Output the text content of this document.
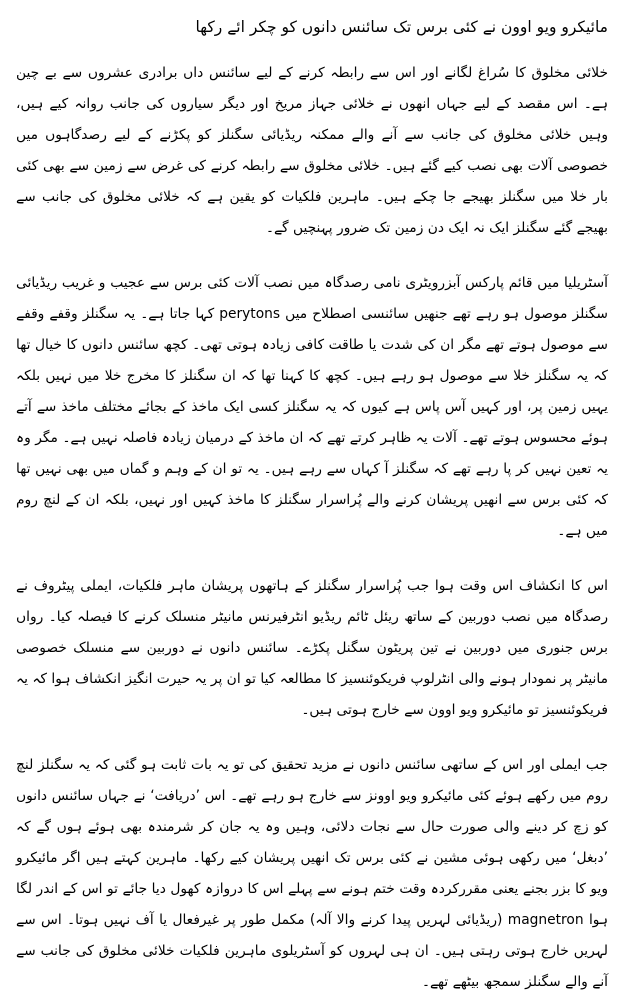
مائیکرو ویو اوون نے کئی برس تک سائنس دانوں کو چکر ائے رکھا

خلائی مخلوق کا سُراغ لگانے اور اس سے رابطہ کرنے کے لیے سائنس داں برادری عشروں سے بے چین ہے۔ اس مقصد کے لیے جہاں انھوں نے خلائی جہاز مریخ اور دیگر سیاروں کی جانب روانہ کیے ہیں، وہیں خلائی مخلوق کی جانب سے آنے والے ممکنہ ریڈیائی سگنلز کو پکڑنے کے لیے رصدگاہوں میں خصوصی آلات بھی نصب کیے گئے ہیں۔ خلائی مخلوق سے رابطہ کرنے کی غرض سے زمین سے بھی کئی بار خلا میں سگنلز بھیجے جا چکے ہیں۔ ماہرین فلکیات کو یقین ہے کہ خلائی مخلوق کی جانب سے بھیجے گئے سگنلز ایک نہ ایک دن زمین تک ضرور پہنچیں گے۔

آسٹریلیا میں قائم پارکس آبزرویٹری نامی رصدگاہ میں نصب آلات کئی برس سے عجیب و غریب ریڈیائی سگنلز موصول ہو رہے تھے جنھیں سائنسی اصطلاح میں perytons کہا جاتا ہے۔ یہ سگنلز وقفے وقفے سے موصول ہوتے تھے مگر ان کی شدت یا طاقت کافی زیادہ ہوتی تھی۔ کچھ سائنس دانوں کا خیال تھا کہ یہ سگنلز خلا سے موصول ہو رہے ہیں۔ کچھ کا کہنا تھا کہ ان سگنلز کا مخرج خلا میں نہیں بلکہ یہیں زمین پر، اور کہیں آس پاس ہے کیوں کہ یہ سگنلز کسی ایک ماخذ کے بجائے مختلف ماخذ سے آتے ہوئے محسوس ہوتے تھے۔ آلات یہ ظاہر کرتے تھے کہ ان ماخذ کے درمیان زیادہ فاصلہ نہیں ہے۔ مگر وہ یہ تعین نہیں کر پا رہے تھے کہ سگنلز آ کہاں سے رہے ہیں۔ یہ تو ان کے وہم و گماں میں بھی نہیں تھا کہ کئی برس سے انھیں پریشان کرنے والے پُراسرار سگنلز کا ماخذ کہیں اور نہیں، بلکہ ان کے لنچ روم میں ہے۔

اس کا انکشاف اس وقت ہوا جب پُراسرار سگنلز کے ہاتھوں پریشان ماہر فلکیات، ایملی پیٹروف نے رصدگاہ میں نصب دوربین کے ساتھ ریئل ٹائم ریڈیو انٹرفیرنس مانیٹر منسلک کرنے کا فیصلہ کیا۔ رواں برس جنوری میں دوربین نے تین پریٹون سگنل پکڑے۔ سائنس دانوں نے دوربین سے منسلک خصوصی مانیٹر پر نمودار ہونے والی انٹرلوپ فریکوئنسیز کا مطالعہ کیا تو ان پر یہ حیرت انگیز انکشاف ہوا کہ یہ فریکوئنسیز تو مائیکرو ویو اوون سے خارج ہوتی ہیں۔

جب ایملی اور اس کے ساتھی سائنس دانوں نے مزید تحقیق کی تو یہ بات ثابت ہو گئی کہ یہ سگنلز لنچ روم میں رکھے ہوئے کئی مائیکرو ویو اوونز سے خارج ہو رہے تھے۔ اس ’دریافت‘ نے جہاں سائنس دانوں کو زچ کر دینے والی صورت حال سے نجات دلائی، وہیں وہ یہ جان کر شرمندہ بھی ہوئے ہوں گے کہ ’دبغل‘ میں رکھی ہوئی مشین نے کئی برس تک انھیں پریشان کیے رکھا۔ ماہرین کہتے ہیں اگر مائیکرو ویو کا بزر بجنے یعنی مقررکردہ وقت ختم ہونے سے پہلے اس کا دروازہ کھول دیا جائے تو اس کے اندر لگا ہوا magnetron (ریڈیائی لہریں پیدا کرنے والا آلہ) مکمل طور پر غیرفعال یا آف نہیں ہوتا۔ اس سے لہریں خارج ہوتی رہتی ہیں۔ ان ہی لہروں کو آسٹریلوی ماہرین فلکیات خلائی مخلوق کی جانب سے آنے والے سگنلز سمجھ بیٹھے تھے۔
